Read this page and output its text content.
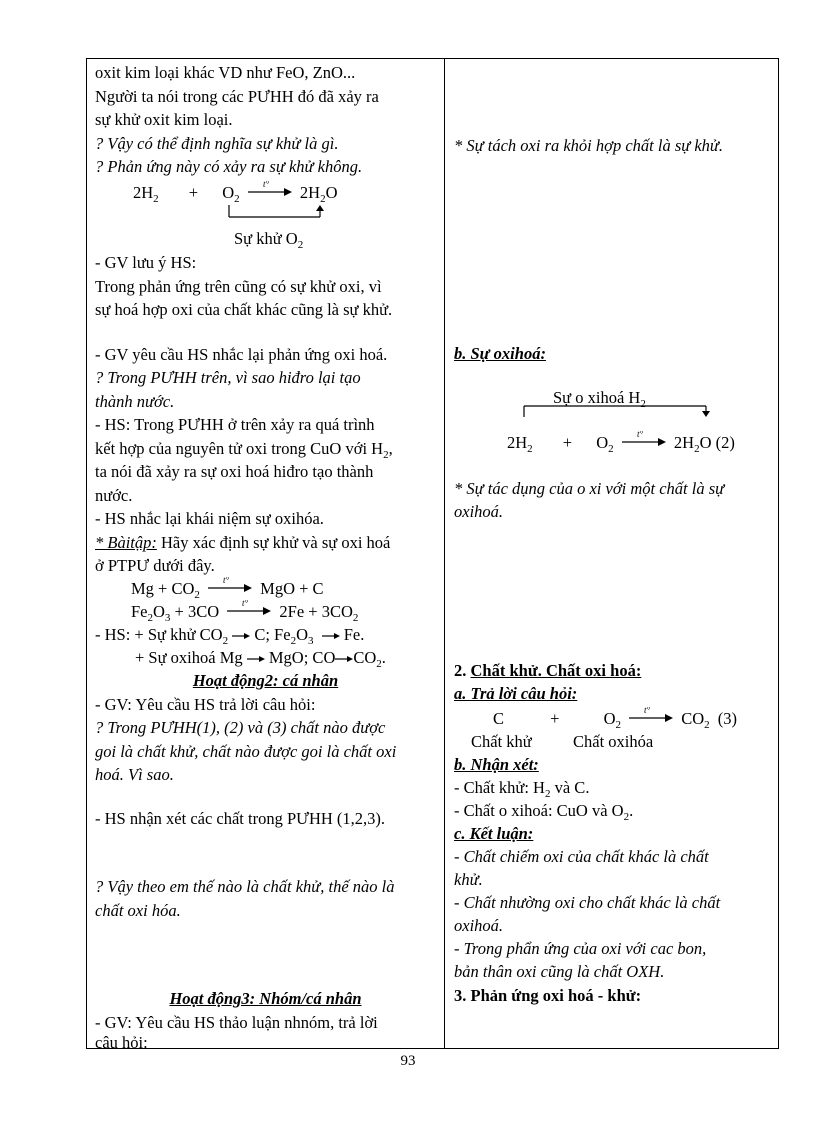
oxit kim loại khác VD như FeO, ZnO...
Người ta nói trong các PƯHH đó đã xảy ra
sự khử oxit kim loại.
? Vậy có thể định nghĩa sự khử là gì.
? Phản ứng này có xảy ra sự khử không.
$2H_2 + O_2$
t° $2H_2O$
Sự khử $O_2$
- GV lưu ý HS:
Trong phản ứng trên cũng có sự khử oxi, vì
sự hoá hợp oxi của chất khác cũng là sự khử.
- GV yêu cầu HS nhắc lại phản ứng oxi hoá.
? Trong PƯHH trên, vì sao hiđro lại tạo
thành nước.
- HS: Trong PƯHH ở trên xảy ra quá trình
kết hợp của nguyên tử oxi trong CuO với $H_2$,
ta nói đã xảy ra sự oxi hoá hiđro tạo thành
nước.
- HS nhắc lại khái niệm sự oxihóa.
* Bàitập: Hãy xác định sự khử và sự oxi hoá
ở PTPƯ dưới đây.
$Mg + CO_2$
t° MgO + C
$Fe_2O_3 + 3CO$	t° $2Fe + 3CO_2$
- HS: + Sự khử $CO_2$  C; $Fe_2O_3$  Fe.
+ Sự oxihoá Mg  MgO; CO $CO_2$.
Hoạt động2: cá nhân
- GV: Yêu cầu HS trả lời câu hỏi:
? Trong PƯHH(1), (2) và (3) chất nào được
goi là chất khử, chất nào được goi là chất oxi
hoá. Vì sao.
- HS nhận xét các chất trong PƯHH (1,2,3).
? Vậy theo em thế nào là chất khử, thế nào là
chất oxi hóa.
Hoạt động3: Nhóm/cá nhân
- GV: Yêu cầu HS thảo luận nhnóm, trả lời
câu hỏi:
* Sự tách oxi ra khỏi hợp chất là sự khử.
b. Sự oxihoá:
Sự o xihoá $H_2$
$2H_2 + O_2$
t° $2H_2O$ (2)
* Sự tác dụng của o xi với một chất là sự
oxihoá.
2. Chất khử. Chất oxi hoá:
a. Trả lời câu hỏi:
C	+	$O_2$
t° $CO_2$ (3)
Chất khử	Chất oxihóa
b. Nhận xét:
- Chất khử: $H_2$ và C.
- Chất o xihoá: CuO và $O_2$.
c. Kết luận:
- Chất chiếm oxi của chất khác là chất
khử.
- Chất nhường oxi cho chất khác là chất
oxihoá.
- Trong phẩn ứng của oxi với cac bon,
bản thân oxi cũng là chất OXH.
3. Phản ứng oxi hoá - khử:
93
